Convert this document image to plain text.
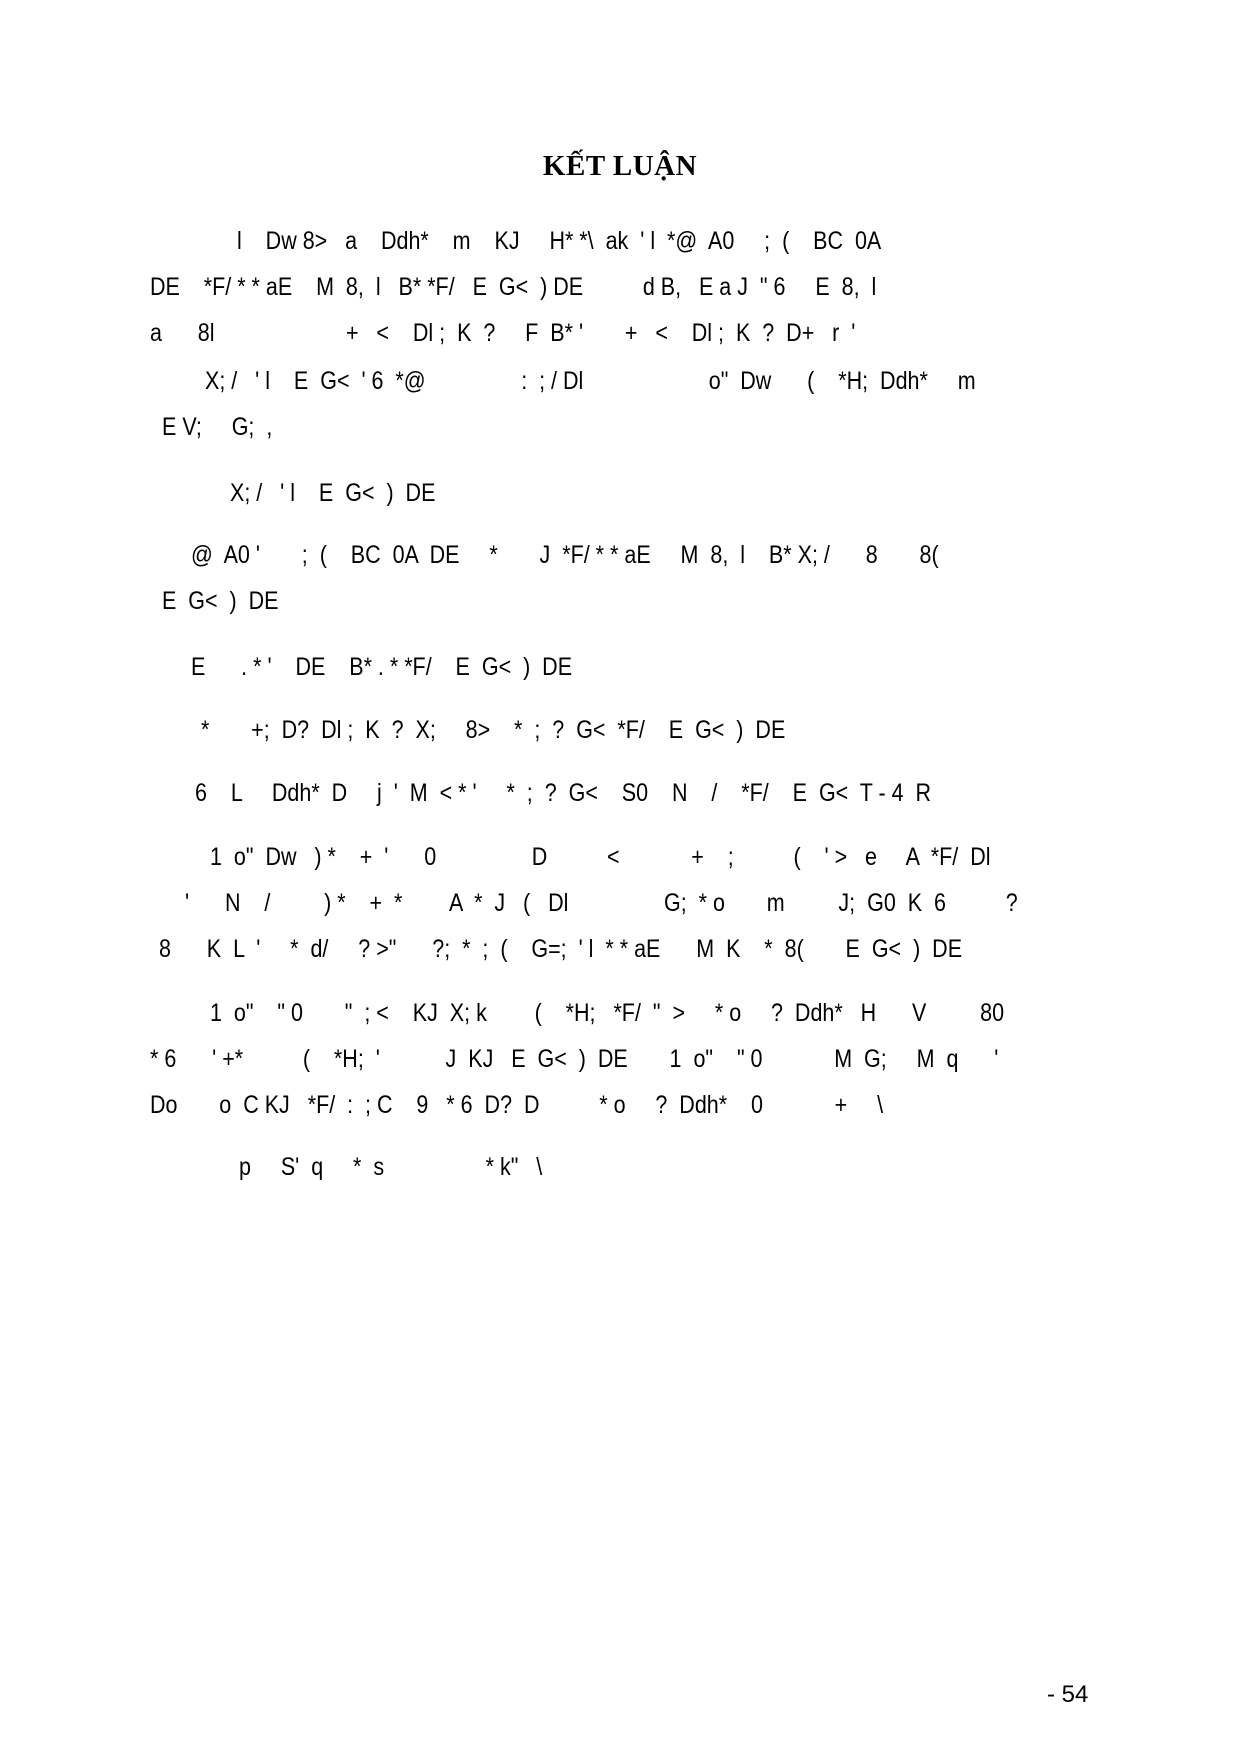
KẾT LUẬN
l    Dw 8>   a    Ddh*    m    KJ     H* *\  ak  ' l  *@  A0     ;  (    BC  0A
DE    *F/ * * aE    M  8,  l   B* *F/   E  G<  ) DE          d B,   E a J  " 6     E  8,  l
a      8l                      +   <    Dl ;  K  ?     F  B* '       +   <    Dl ;  K  ?  D+   r  '
X; /   ' l    E  G<  ' 6  *@                :  ; / Dl                     o"  Dw      (    *H;  Ddh*     m
E V;     G;  ,
X; /   ' l    E  G<  )  DE
@  A0 '       ;  (    BC  0A  DE     *       J  *F/ * * aE     M  8,  l    B* X; /      8       8(
E  G<  )  DE
E      . * '    DE    B* . * *F/    E  G<  )  DE
*       +;  D?  Dl ;  K  ?  X;     8>    *  ;  ?  G<  *F/    E  G<  )  DE
6    L     Ddh*  D     j  '  M  < * '     *  ;  ?  G<    S0    N    /    *F/    E  G<  T - 4  R
1  o"  Dw   ) *    +  '      0                D          <            +    ;          (    ' >   e     A  *F/  Dl
'      N    /         ) *    +  *        A  *  J   (   Dl                G;  * o       m         J;  G0  K  6          ?
8      K  L  '     *  d/     ? >"      ?;  *  ;  (    G=;  ' l  * * aE      M  K    *  8(       E  G<  )  DE
1  o"    " 0       "  ; <    KJ  X; k        (    *H;   *F/  "  >     * o     ?  Ddh*   H      V         80
* 6      ' +*          (    *H;  '           J  KJ   E  G<  )  DE       1  o"    " 0            M  G;     M  q      '
Do       o  C KJ   *F/  :  ; C    9   * 6  D?  D          * o     ?  Ddh*    0            +     \
p     S'  q     *  s                 * k"   \
- 54
